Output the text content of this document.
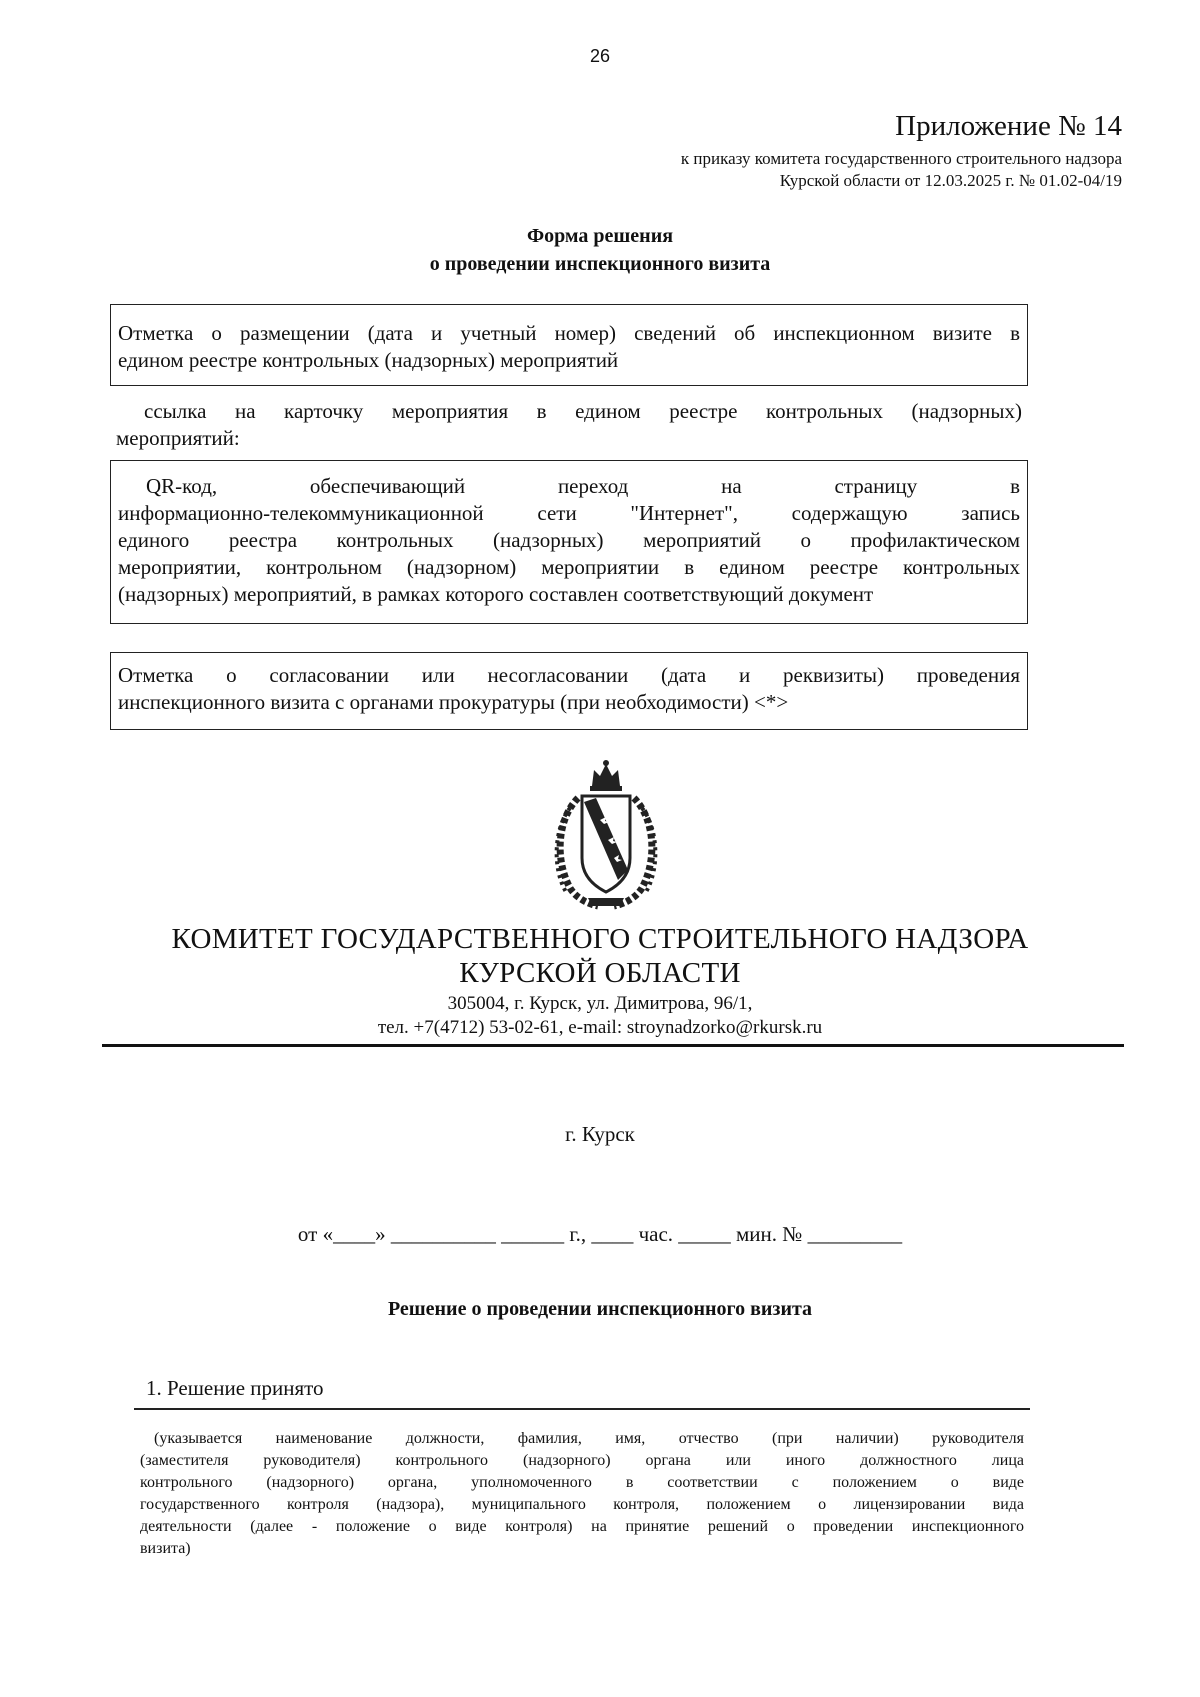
26
Приложение № 14
к приказу комитета государственного строительного надзора
Курской области от 12.03.2025 г. № 01.02-04/19
Форма решения
о проведении инспекционного визита
Отметка о размещении (дата и учетный номер) сведений об инспекционном визите в
едином реестре контрольных (надзорных) мероприятий
ссылка на карточку мероприятия в едином реестре контрольных (надзорных)
мероприятий:
QR-код, обеспечивающий переход на страницу в
информационно-телекоммуникационной сети "Интернет", содержащую запись
единого реестра контрольных (надзорных) мероприятий о профилактическом
мероприятии, контрольном (надзорном) мероприятии в едином реестре контрольных
(надзорных) мероприятий, в рамках которого составлен соответствующий документ
Отметка о согласовании или несогласовании (дата и реквизиты) проведения
инспекционного визита с органами прокуратуры (при необходимости) <*>
КОМИТЕТ ГОСУДАРСТВЕННОГО СТРОИТЕЛЬНОГО НАДЗОРА
КУРСКОЙ ОБЛАСТИ
305004, г. Курск, ул. Димитрова, 96/1,
тел. +7(4712) 53-02-61, e-mail: stroynadzorko@rkursk.ru
г. Курск
от «____» __________ ______ г., ____ час. _____ мин. № _________
Решение о проведении инспекционного визита
1. Решение принято
(указывается наименование должности, фамилия, имя, отчество (при наличии) руководителя
(заместителя руководителя) контрольного (надзорного) органа или иного должностного лица
контрольного (надзорного) органа, уполномоченного в соответствии с положением о виде
государственного контроля (надзора), муниципального контроля, положением о лицензировании вида
деятельности (далее - положение о виде контроля) на принятие решений о проведении инспекционного
визита)
